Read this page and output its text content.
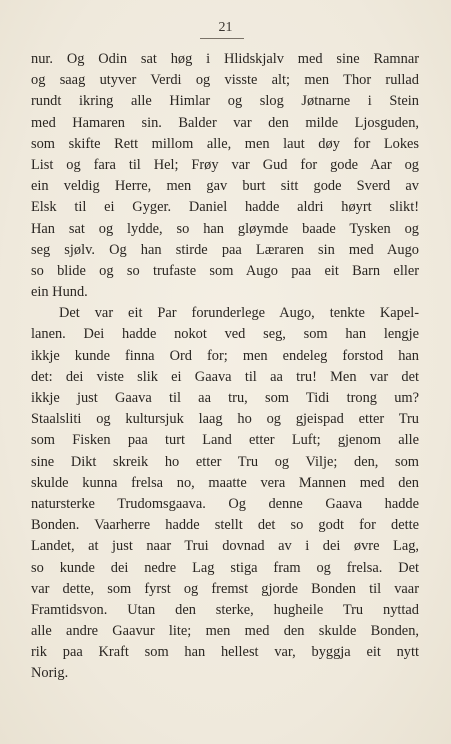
21

nur. Og Odin sat høg i Hlidskjalv med sine Ramnar
og saag utyver Verdi og visste alt; men Thor rullad
rundt ikring alle Himlar og slog Jøtnarne i Stein
med Hamaren sin. Balder var den milde Ljosguden,
som skifte Rett millom alle, men laut døy for Lokes
List og fara til Hel; Frøy var Gud for gode Aar og
ein veldig Herre, men gav burt sitt gode Sverd av
Elsk til ei Gyger. Daniel hadde aldri høyrt slikt!
Han sat og lydde, so han gløymde baade Tysken og
seg sjølv. Og han stirde paa Læraren sin med Augo
so blide og so trufaste som Augo paa eit Barn eller
ein Hund.
Det var eit Par forunderlege Augo, tenkte Kapel-
lanen. Dei hadde nokot ved seg, som han lengje
ikkje kunde finna Ord for; men endeleg forstod han
det: dei viste slik ei Gaava til aa tru! Men var det
ikkje just Gaava til aa tru, som Tidi trong um?
Staalsliti og kultursjuk laag ho og gjeispad etter Tru
som Fisken paa turt Land etter Luft; gjenom alle
sine Dikt skreik ho etter Tru og Vilje; den, som
skulde kunna frelsa no, maatte vera Mannen med den
natursterke Trudomsgaava. Og denne Gaava hadde
Bonden. Vaarherre hadde stellt det so godt for dette
Landet, at just naar Trui dovnad av i dei øvre Lag,
so kunde dei nedre Lag stiga fram og frelsa. Det
var dette, som fyrst og fremst gjorde Bonden til vaar
Framtidsvon. Utan den sterke, hugheile Tru nyttad
alle andre Gaavur lite; men med den skulde Bonden,
rik paa Kraft som han hellest var, byggja eit nytt
Norig.
